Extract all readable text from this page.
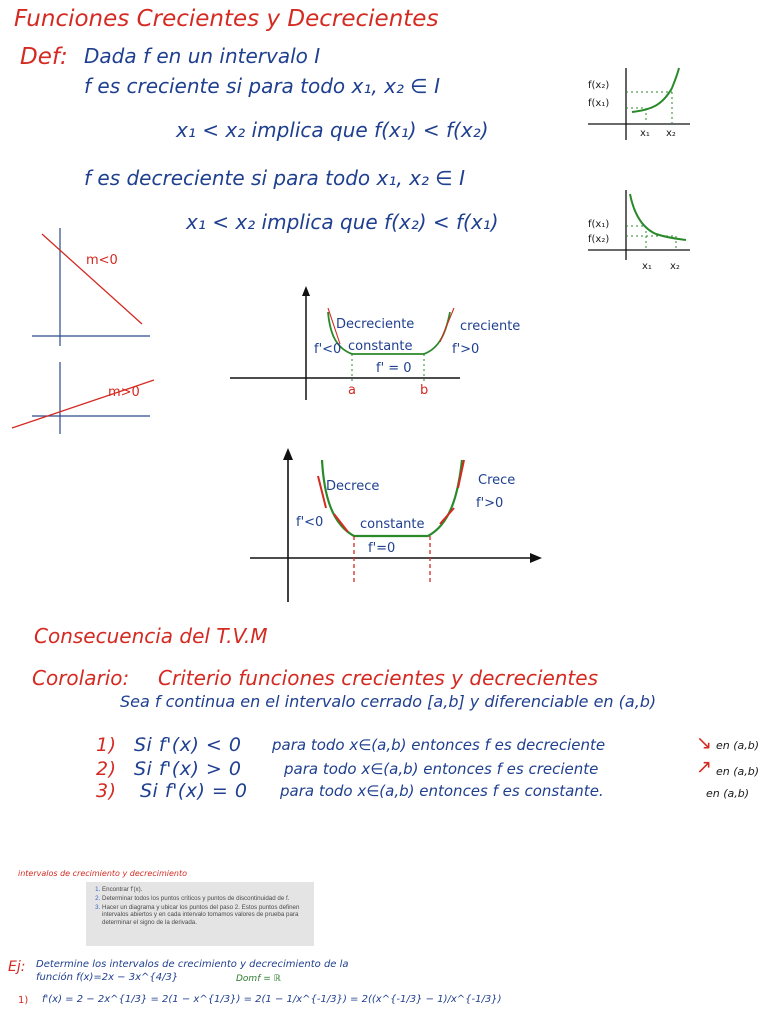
Funciones Crecientes y Decrecientes
Def: Dada f en un intervalo I
f es creciente si para todo x₁, x₂ ∈ I
x₁ < x₂ implica que f(x₁) < f(x₂)
f es decreciente si para todo x₁, x₂ ∈ I
x₁ < x₂ implica que f(x₂) < f(x₁)
f(x₂)
f(x₁)
x₁ x₂
f(x₁)
f(x₂)
x₁ x₂
m<0
m>0
Decreciente	creciente
constante
f'<0	f'>0
f' = 0
a	b
Decrece	Crece
constante
f'<0
f'>0
f'=0
Consecuencia del T.V.M
Corolario: Criterio funciones crecientes y decrecientes
Sea f continua en el intervalo cerrado [a,b] y diferenciable en (a,b)
1) Si f'(x) < 0 para todo x∈(a,b) entonces f es decreciente	↘ en (a,b)
2) Si f'(x) > 0	para todo x∈(a,b) entonces f es creciente	↗ en (a,b)
3) Si f'(x) = 0 para todo x∈(a,b) entonces f es constante.	en (a,b)
intervalos de crecimiento y decrecimiento
1. Encontrar f'(x).
2. Determinar todos los puntos críticos y puntos de discontinuidad de f.
3. Hacer un diagrama y ubicar los puntos del paso 2. Estos puntos definen intervalos abiertos y en cada intervalo tomamos valores de prueba para determinar el signo de la derivada.
Ej: Determine los intervalos de crecimiento y decrecimiento de la
función f(x)=2x − 3x^{4/3}	Domf = ℝ
1) f'(x) = 2 − 2x^{1/3} = 2(1 − x^{1/3}) = 2(1 − 1/x^{-1/3}) = 2((x^{-1/3} − 1)/x^{-1/3})
